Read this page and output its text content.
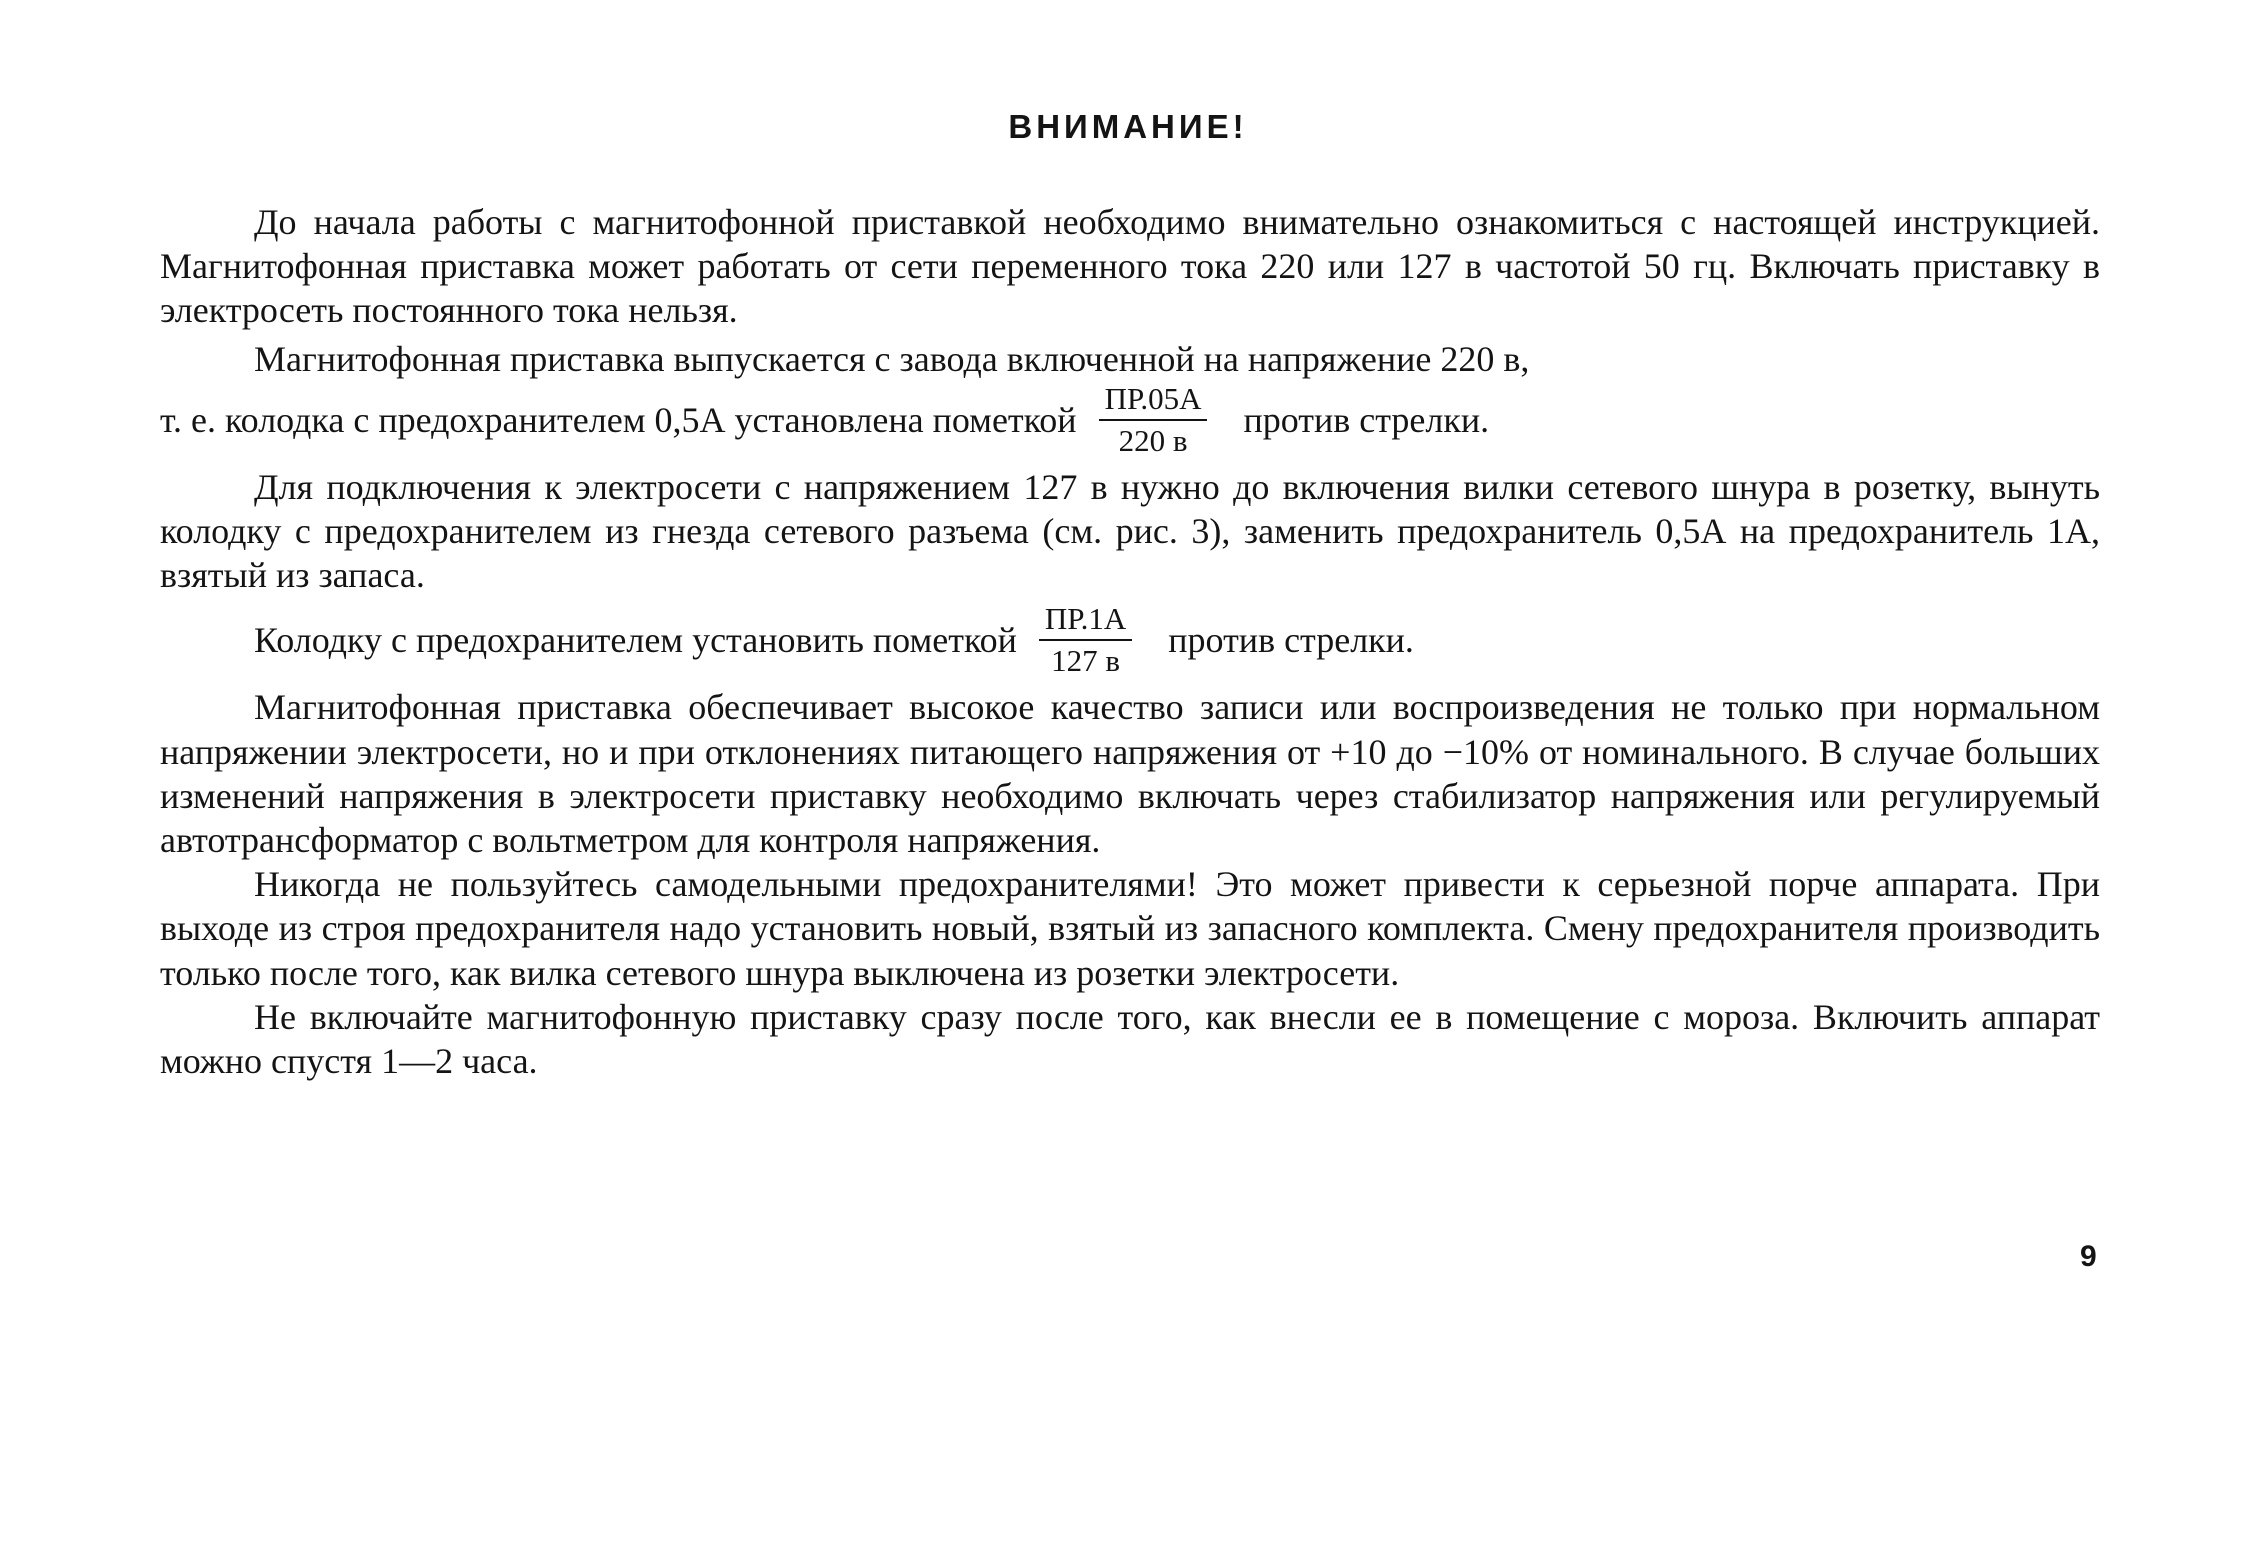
ВНИМАНИЕ!

До начала работы с магнитофонной приставкой необходимо внимательно ознакомиться с настоящей инструкцией. Магнитофонная приставка может работать от сети переменного тока 220 или 127 в частотой 50 гц. Включать приставку в электросеть постоянного тока нельзя.

Магнитофонная приставка выпускается с завода включенной на напряжение 220 в,

т. е. колодка с предохранителем 0,5А установлена пометкой $\frac{ПР.05А}{220 в}$ против стрелки.

Для подключения к электросети с напряжением 127 в нужно до включения вилки сетевого шнура в розетку, вынуть колодку с предохранителем из гнезда сетевого разъема (см. рис. 3), заменить предохранитель 0,5А на предохранитель 1А, взятый из запаса.

Колодку с предохранителем установить пометкой $\frac{ПР.1А}{127 в}$ против стрелки.

Магнитофонная приставка обеспечивает высокое качество записи или воспроизведения не только при нормальном напряжении электросети, но и при отклонениях питающего напряжения от +10 до −10% от номинального. В случае больших изменений напряжения в электросети приставку необходимо включать через стабилизатор напряжения или регулируемый автотрансформатор с вольтметром для контроля напряжения.

Никогда не пользуйтесь самодельными предохранителями! Это может привести к серьезной порче аппарата. При выходе из строя предохранителя надо установить новый, взятый из запасного комплекта. Смену предохранителя производить только после того, как вилка сетевого шнура выключена из розетки электросети.

Не включайте магнитофонную приставку сразу после того, как внесли ее в помещение с мороза. Включить аппарат можно спустя 1—2 часа.

9
